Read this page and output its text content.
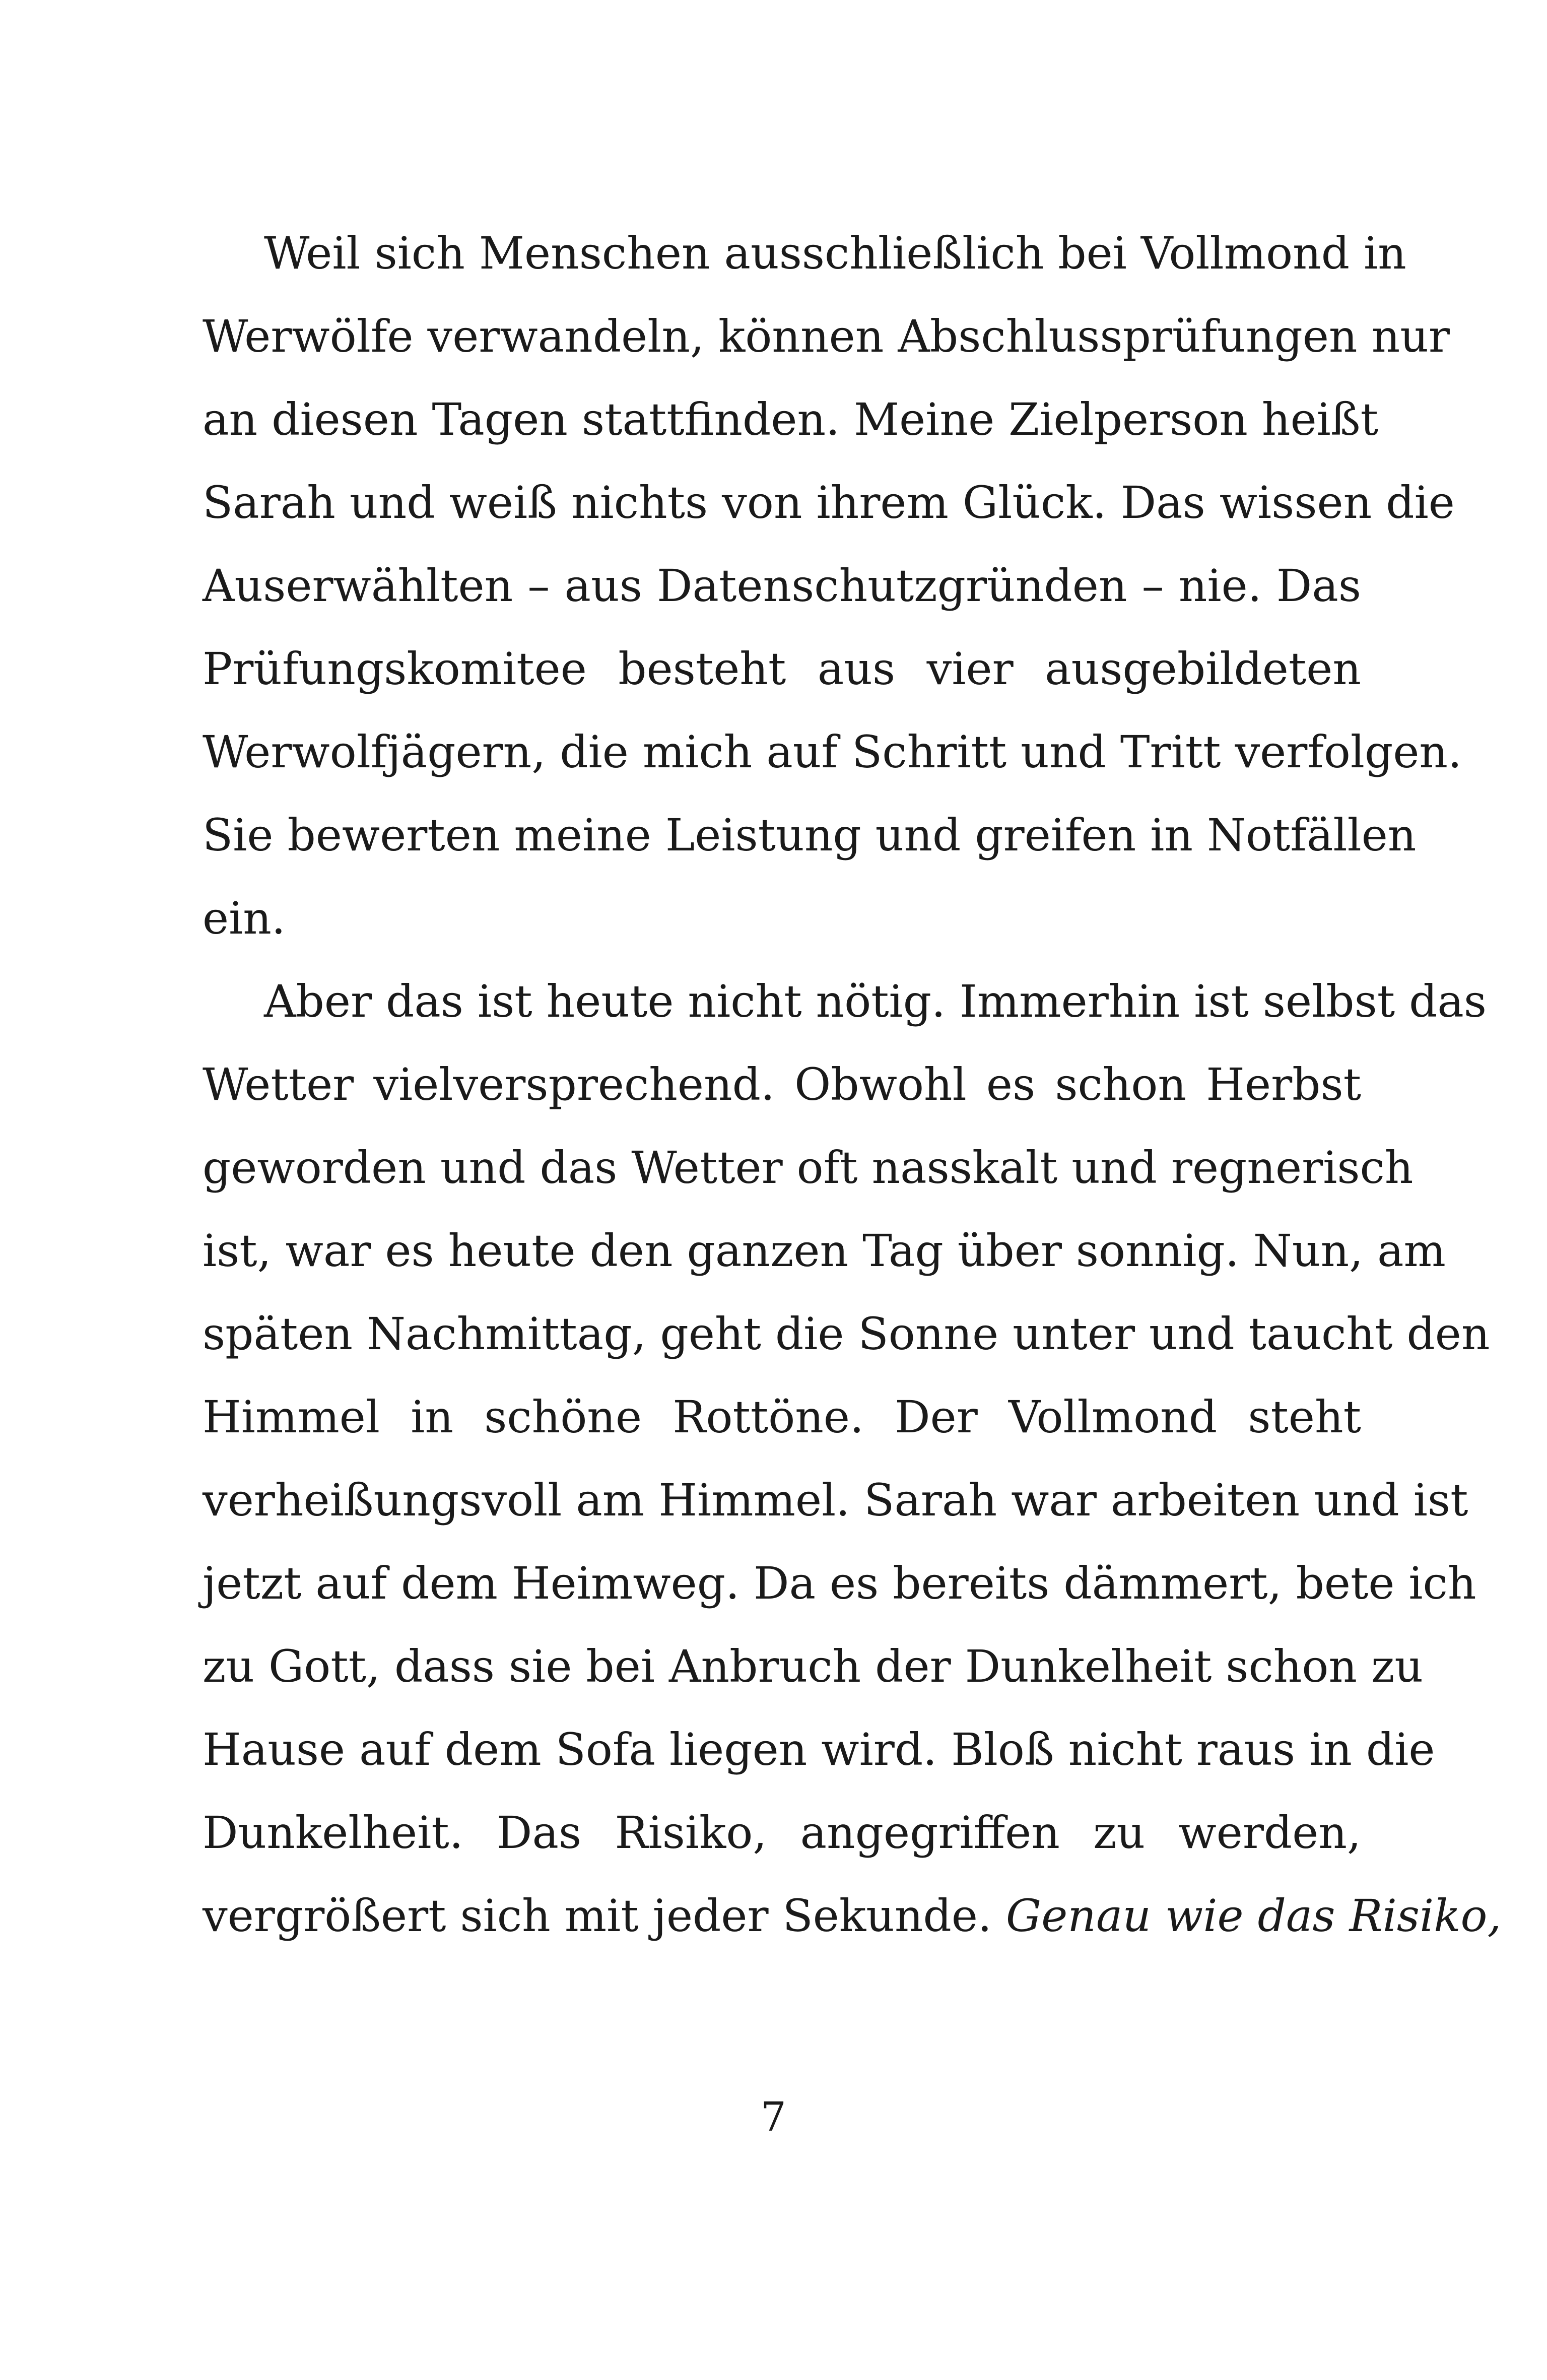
Weil sich Menschen ausschließlich bei Vollmond in
Werwölfe verwandeln, können Abschlussprüfungen nur
an diesen Tagen stattfinden. Meine Zielperson heißt
Sarah und weiß nichts von ihrem Glück. Das wissen die
Auserwählten – aus Datenschutzgründen – nie. Das
Prüfungskomitee besteht aus vier ausgebildeten
Werwolfjägern, die mich auf Schritt und Tritt verfolgen.
Sie bewerten meine Leistung und greifen in Notfällen
ein.
Aber das ist heute nicht nötig. Immerhin ist selbst das
Wetter vielversprechend. Obwohl es schon Herbst
geworden und das Wetter oft nasskalt und regnerisch
ist, war es heute den ganzen Tag über sonnig. Nun, am
späten Nachmittag, geht die Sonne unter und taucht den
Himmel in schöne Rottöne. Der Vollmond steht
verheißungsvoll am Himmel. Sarah war arbeiten und ist
jetzt auf dem Heimweg. Da es bereits dämmert, bete ich
zu Gott, dass sie bei Anbruch der Dunkelheit schon zu
Hause auf dem Sofa liegen wird. Bloß nicht raus in die
Dunkelheit. Das Risiko, angegriffen zu werden,
vergrößert sich mit jeder Sekunde. Genau wie das Risiko,
7
